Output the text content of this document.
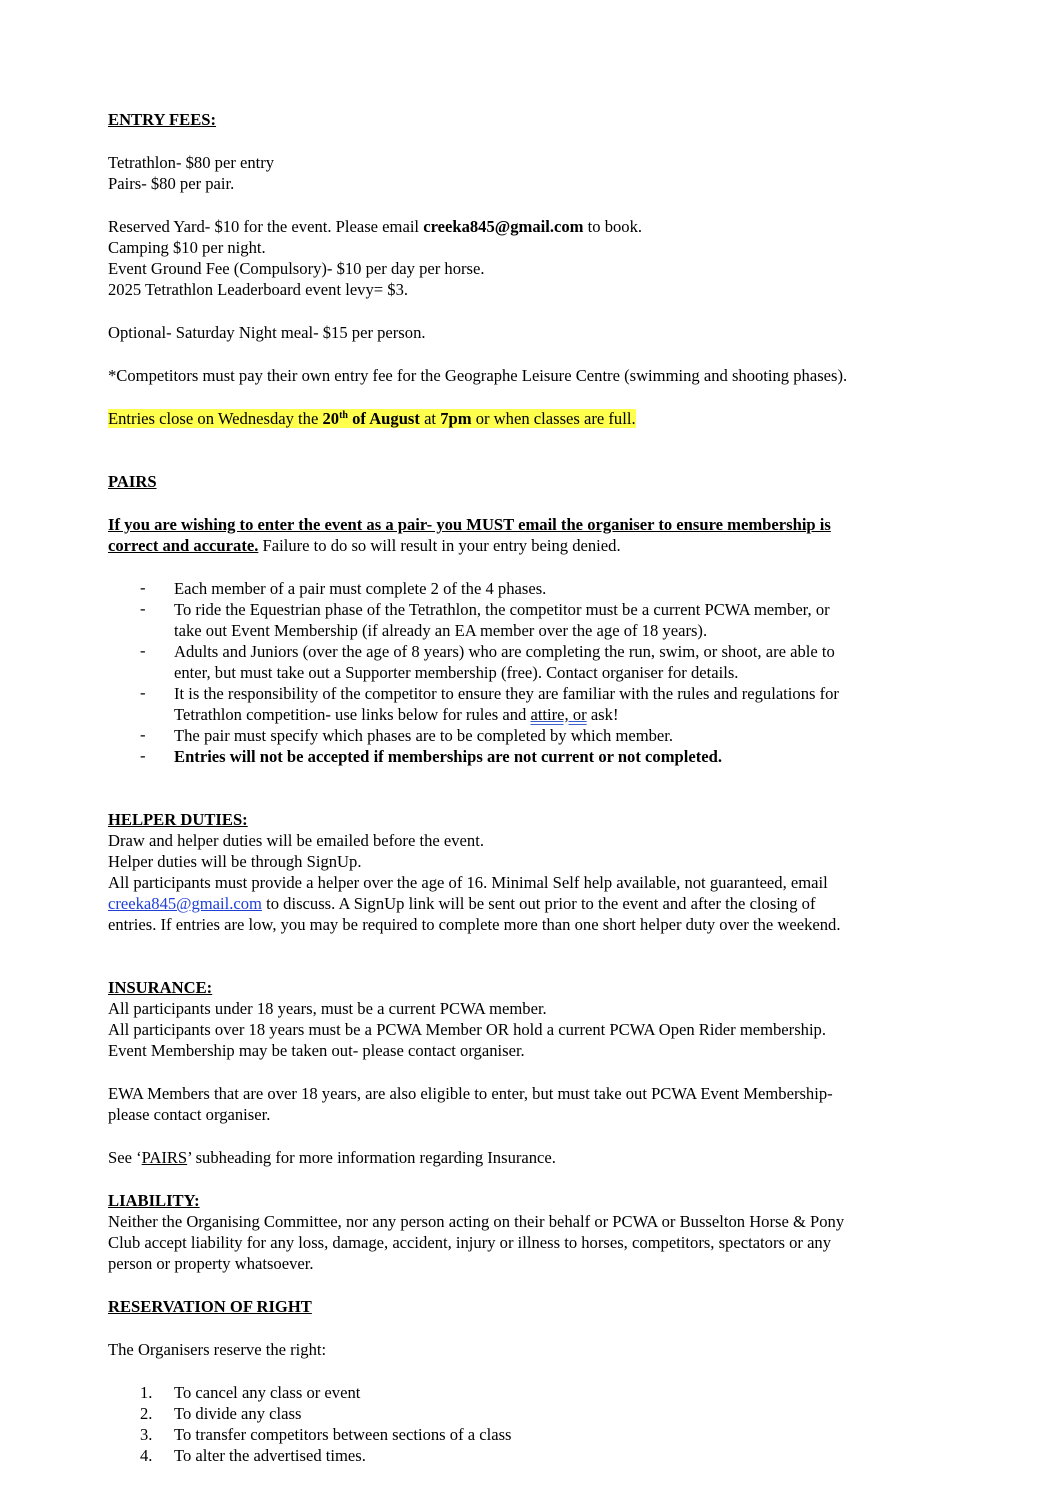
ENTRY FEES:
Tetrathlon- $80 per entry
Pairs- $80 per pair.
Reserved Yard- $10 for the event. Please email creeka845@gmail.com to book.
Camping $10 per night.
Event Ground Fee (Compulsory)- $10 per day per horse.
2025 Tetrathlon Leaderboard event levy= $3.
Optional- Saturday Night meal- $15 per person.
*Competitors must pay their own entry fee for the Geographe Leisure Centre (swimming and shooting phases).
Entries close on Wednesday the 20th of August at 7pm or when classes are full.
PAIRS
If you are wishing to enter the event as a pair- you MUST email the organiser to ensure membership is
correct and accurate. Failure to do so will result in your entry being denied.
- Each member of a pair must complete 2 of the 4 phases.
- To ride the Equestrian phase of the Tetrathlon, the competitor must be a current PCWA member, or
take out Event Membership (if already an EA member over the age of 18 years).
- Adults and Juniors (over the age of 8 years) who are completing the run, swim, or shoot, are able to
enter, but must take out a Supporter membership (free). Contact organiser for details.
- It is the responsibility of the competitor to ensure they are familiar with the rules and regulations for
Tetrathlon competition- use links below for rules and attire, or ask!
- The pair must specify which phases are to be completed by which member.
- Entries will not be accepted if memberships are not current or not completed.
HELPER DUTIES:
Draw and helper duties will be emailed before the event.
Helper duties will be through SignUp.
All participants must provide a helper over the age of 16. Minimal Self help available, not guaranteed, email
creeka845@gmail.com to discuss. A SignUp link will be sent out prior to the event and after the closing of
entries. If entries are low, you may be required to complete more than one short helper duty over the weekend.
INSURANCE:
All participants under 18 years, must be a current PCWA member.
All participants over 18 years must be a PCWA Member OR hold a current PCWA Open Rider membership.
Event Membership may be taken out- please contact organiser.
EWA Members that are over 18 years, are also eligible to enter, but must take out PCWA Event Membership-
please contact organiser.
See ‘PAIRS’ subheading for more information regarding Insurance.
LIABILITY:
Neither the Organising Committee, nor any person acting on their behalf or PCWA or Busselton Horse & Pony
Club accept liability for any loss, damage, accident, injury or illness to horses, competitors, spectators or any
person or property whatsoever.
RESERVATION OF RIGHT
The Organisers reserve the right:
1. To cancel any class or event
2. To divide any class
3. To transfer competitors between sections of a class
4. To alter the advertised times.
